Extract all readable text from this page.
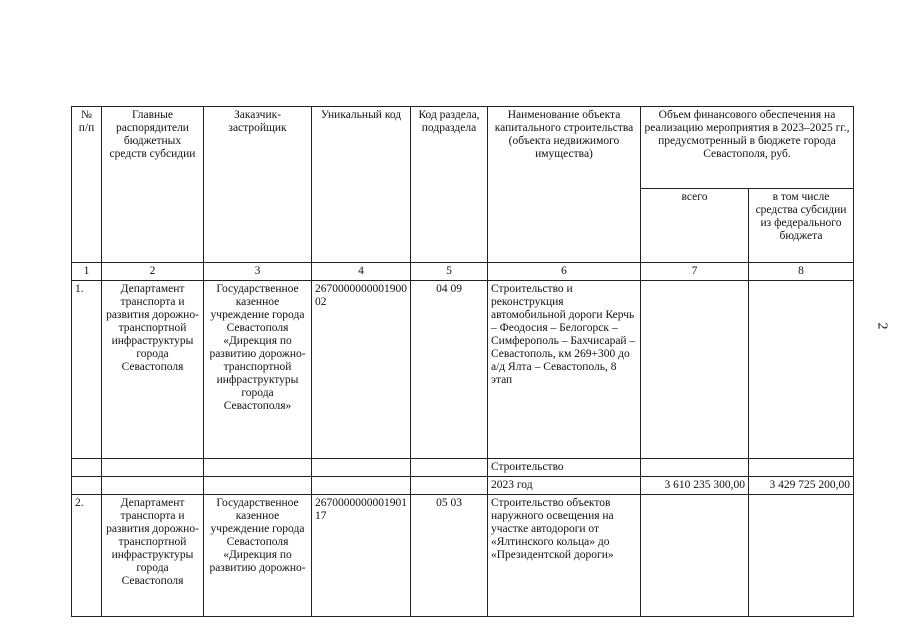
2
№ п/п	Главные распорядители бюджетных средств субсидии	Заказчик-застройщик	Уникальный код	Код раздела, подраздела	Наименование объекта капитального строительства (объекта недвижимого имущества)	Объем финансового обеспечения на реализацию мероприятия в 2023–2025 гг., предусмотренный в бюджете города Севастополя, руб.	
						всего	в том числе средства субсидии из федерального бюджета
1	2	3	4	5	6	7	8
1.	Департамент транспорта и развития дорожно-транспортной инфраструктуры города Севастополя	Государственное казенное учреждение города Севастополя «Дирекция по развитию дорожно-транспортной инфраструктуры города Севастополя»	267000000000190002	04 09	Строительство и реконструкция автомобильной дороги Керчь – Феодосия – Белогорск – Симферополь – Бахчисарай – Севастополь, км 269+300 до а/д Ялта – Севастополь, 8 этап		
					Строительство		
					2023 год	3 610 235 300,00	3 429 725 200,00
2.	Департамент транспорта и развития дорожно-транспортной инфраструктуры города Севастополя	Государственное казенное учреждение города Севастополя «Дирекция по развитию дорожно-	267000000000190117	05 03	Строительство объектов наружного освещения на участке автодороги от «Ялтинского кольца» до «Президентской дороги»		
